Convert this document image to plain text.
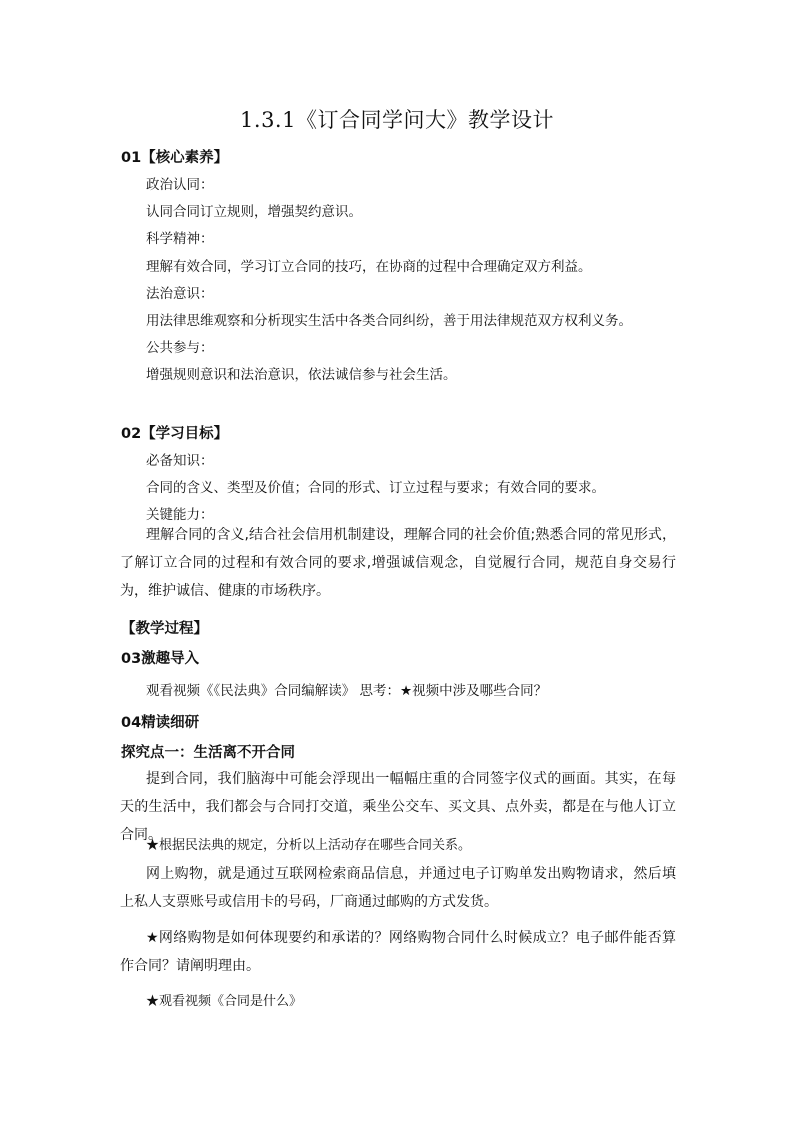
1.3.1《订合同学问大》教学设计
01【核心素养】
政治认同：
认同合同订立规则，增强契约意识。
科学精神：
理解有效合同，学习订立合同的技巧，在协商的过程中合理确定双方利益。
法治意识：
用法律思维观察和分析现实生活中各类合同纠纷，善于用法律规范双方权利义务。
公共参与：
增强规则意识和法治意识，依法诚信参与社会生活。
02【学习目标】
必备知识：
合同的含义、类型及价值；合同的形式、订立过程与要求；有效合同的要求。
关键能力：

理解合同的含义,结合社会信用机制建设，理解合同的社会价值;熟悉合同的常见形式，了解订立合同的过程和有效合同的要求,增强诚信观念，自觉履行合同，规范自身交易行为，维护诚信、健康的市场秩序。

【教学过程】
03激趣导入
观看视频《《民法典》合同编解读》 思考：★视频中涉及哪些合同？
04精读细研
探究点一：生活离不开合同

提到合同，我们脑海中可能会浮现出一幅幅庄重的合同签字仪式的画面。其实，在每天的生活中，我们都会与合同打交道，乘坐公交车、买文具、点外卖，都是在与他人订立合同。

★根据民法典的规定，分析以上活动存在哪些合同关系。

网上购物，就是通过互联网检索商品信息，并通过电子订购单发出购物请求，然后填上私人支票账号或信用卡的号码，厂商通过邮购的方式发货。

★网络购物是如何体现要约和承诺的？网络购物合同什么时候成立？电子邮件能否算作合同？请阐明理由。

★观看视频《合同是什么》
